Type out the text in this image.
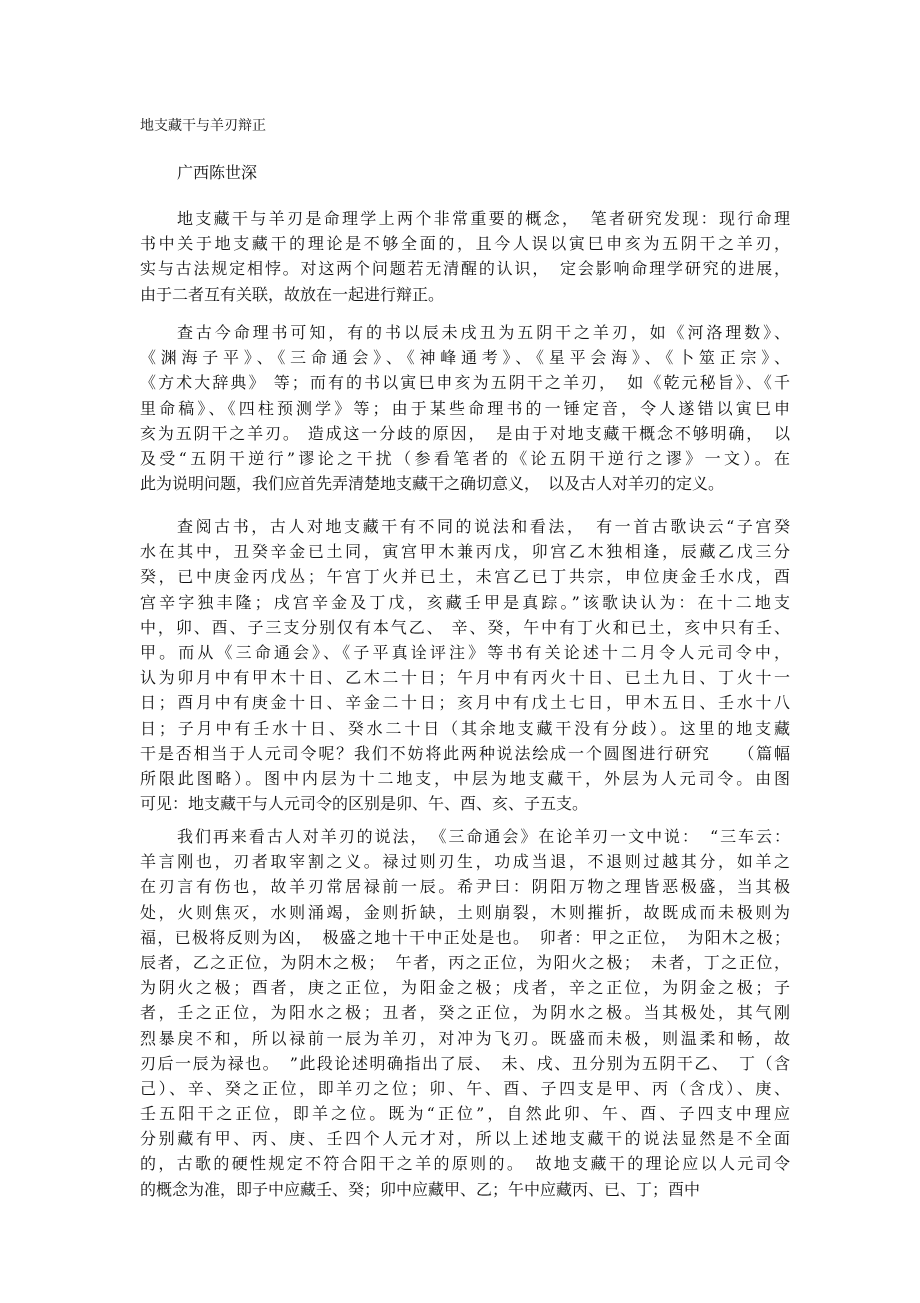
地支藏干与羊刃辩正
广西陈世深
地支藏干与羊刃是命理学上两个非常重要的概念，　笔者研究发现：现行命理
书中关于地支藏干的理论是不够全面的，且今人误以寅巳申亥为五阴干之羊刃，
实与古法规定相悖。对这两个问题若无清醒的认识，　定会影响命理学研究的进展，
由于二者互有关联，故放在一起进行辩正。
查古今命理书可知，有的书以辰未戌丑为五阴干之羊刃，如《河洛理数》、
《渊海子平》、《三命通会》、《神峰通考》、《星平会海》、《卜筮正宗》、
《方术大辞典》 等；而有的书以寅巳申亥为五阴干之羊刃，　如《乾元秘旨》、《千
里命稿》、《四柱预测学》等；由于某些命理书的一锤定音，令人遂错以寅巳申
亥为五阴干之羊刃。 造成这一分歧的原因，　是由于对地支藏干概念不够明确，　以
及受“五阴干逆行”谬论之干扰（参看笔者的《论五阴干逆行之谬》一文）。在
此为说明问题，我们应首先弄清楚地支藏干之确切意义，　以及古人对羊刃的定义。
查阅古书，古人对地支藏干有不同的说法和看法，　有一首古歌诀云“子宫癸
水在其中，丑癸辛金已土同，寅宫甲木兼丙戊，卯宫乙木独相逢，辰藏乙戊三分
癸，已中庚金丙戊丛；午宫丁火并已土，未宫乙已丁共宗，申位庚金壬水戊，酉
宫辛字独丰隆；戌宫辛金及丁戊，亥藏壬甲是真踪。”该歌诀认为：在十二地支
中，卯、酉、子三支分别仅有本气乙、 辛、癸，午中有丁火和已土，亥中只有壬、
甲。而从《三命通会》、《子平真诠评注》等书有关论述十二月令人元司令中，
认为卯月中有甲木十日、乙木二十日；午月中有丙火十日、已土九日、丁火十一
日；酉月中有庚金十日、辛金二十日；亥月中有戊土七日，甲木五日、壬水十八
日；子月中有壬水十日、癸水二十日（其余地支藏干没有分歧）。这里的地支藏
干是否相当于人元司令呢？我们不妨将此两种说法绘成一个圆图进行研究　　（篇幅
所限此图略）。图中内层为十二地支，中层为地支藏干，外层为人元司令。由图
可见：地支藏干与人元司令的区别是卯、午、酉、亥、子五支。
我们再来看古人对羊刃的说法，　《三命通会》在论羊刃一文中说：　“三车云：
羊言刚也，刃者取宰割之义。禄过则刃生，功成当退，不退则过越其分，如羊之
在刃言有伤也，故羊刃常居禄前一辰。希尹曰：阴阳万物之理皆恶极盛，当其极
处，火则焦灭，水则涌竭，金则折缺，土则崩裂，木则摧折，故既成而未极则为
福，已极将反则为凶，　极盛之地十干中正处是也。　卯者：甲之正位，　为阳木之极；
辰者，乙之正位，为阴木之极；　午者，丙之正位，为阳火之极；　未者，丁之正位，
为阴火之极；酉者，庚之正位，为阳金之极；戌者，辛之正位，为阴金之极；子
者，壬之正位，为阳水之极；丑者，癸之正位，为阴水之极。当其极处，其气刚
烈暴戾不和，所以禄前一辰为羊刃，对冲为飞刃。既盛而未极，则温柔和畅，故
刃后一辰为禄也。　”此段论述明确指出了辰、　未、戌、丑分别为五阴干乙、　丁（含
己）、辛、癸之正位，即羊刃之位；卯、午、酉、子四支是甲、丙（含戊）、庚、
壬五阳干之正位，即羊之位。既为“正位”，自然此卯、午、酉、子四支中理应
分别藏有甲、丙、庚、壬四个人元才对，所以上述地支藏干的说法显然是不全面
的，古歌的硬性规定不符合阳干之羊的原则的。　故地支藏干的理论应以人元司令
的概念为准，即子中应藏壬、癸；卯中应藏甲、乙；午中应藏丙、已、丁；酉中
